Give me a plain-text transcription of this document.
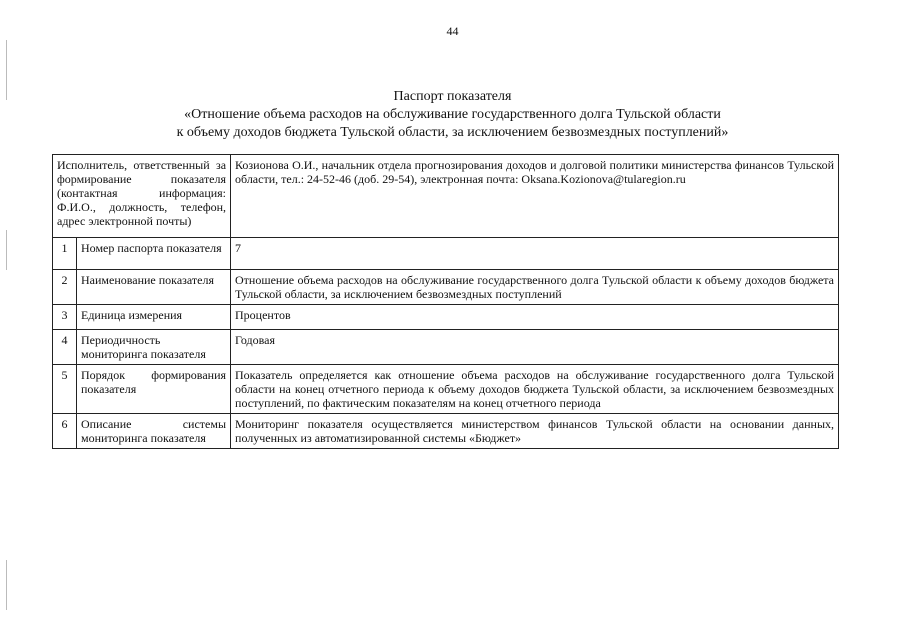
44
Паспорт показателя
«Отношение объема расходов на обслуживание государственного долга Тульской области
к объему доходов бюджета Тульской области, за исключением безвозмездных поступлений»
Исполнитель, ответственный за формирование показателя (контактная информация: Ф.И.О., должность, телефон, адрес электронной почты)		Козионова О.И., начальник отдела прогнозирования доходов и долговой политики министерства финансов Тульской области, тел.: 24-52-46 (доб. 29-54), электронная почта: Oksana.Kozionova@tularegion.ru
1	Номер паспорта показателя	7
2	Наименование показателя	Отношение объема расходов на обслуживание государственного долга Тульской области к объему доходов бюджета Тульской области, за исключением безвозмездных поступлений
3	Единица измерения	Процентов
4	Периодичность мониторинга показателя	Годовая
5	Порядок формирования показателя	Показатель определяется как отношение объема расходов на обслуживание государственного долга Тульской области на конец отчетного периода к объему доходов бюджета Тульской области, за исключением безвозмездных поступлений, по фактическим показателям на конец отчетного периода
6	Описание системы мониторинга показателя	Мониторинг показателя осуществляется министерством финансов Тульской области на основании данных, полученных из автоматизированной системы «Бюджет»
